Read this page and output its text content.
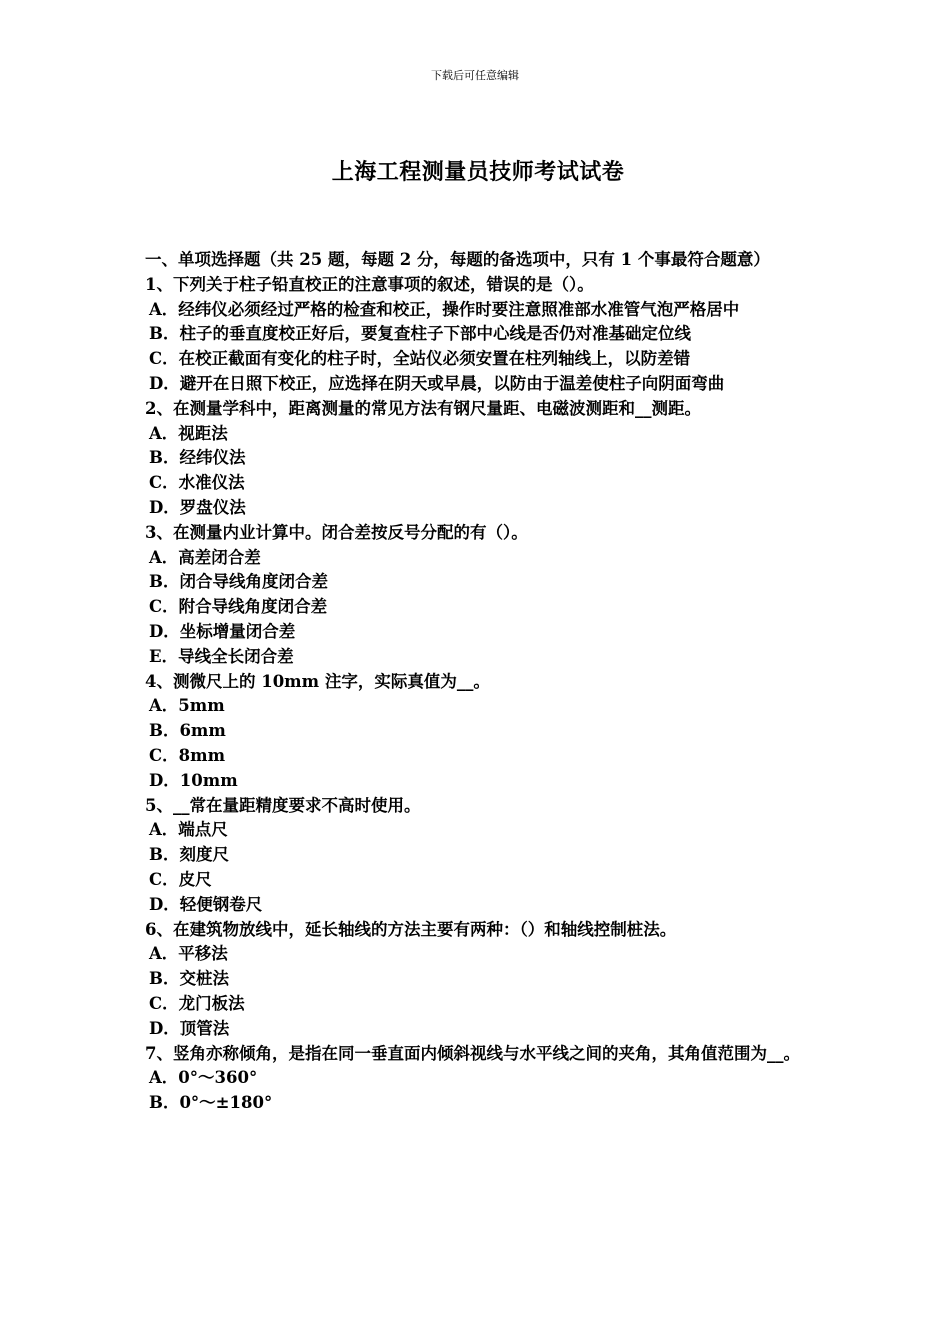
下载后可任意编辑
上海工程测量员技师考试试卷
一、单项选择题（共 25 题，每题 2 分，每题的备选项中，只有 1 个事最符合题意）
1、下列关于柱子铅直校正的注意事项的叙述，错误的是（）。
A．经纬仪必须经过严格的检查和校正，操作时要注意照准部水准管气泡严格居中
B．柱子的垂直度校正好后，要复查柱子下部中心线是否仍对准基础定位线
C．在校正截面有变化的柱子时，全站仪必须安置在柱列轴线上，以防差错
D．避开在日照下校正，应选择在阴天或早晨，以防由于温差使柱子向阴面弯曲
2、在测量学科中，距离测量的常见方法有钢尺量距、电磁波测距和__测距。
A．视距法
B．经纬仪法
C．水准仪法
D．罗盘仪法
3、在测量内业计算中。闭合差按反号分配的有（）。
A．高差闭合差
B．闭合导线角度闭合差
C．附合导线角度闭合差
D．坐标增量闭合差
E．导线全长闭合差
4、测微尺上的 10mm 注字，实际真值为__。
A．5mm
B．6mm
C．8mm
D．10mm
5、__常在量距精度要求不高时使用。
A．端点尺
B．刻度尺
C．皮尺
D．轻便钢卷尺
6、在建筑物放线中，延长轴线的方法主要有两种：（）和轴线控制桩法。
A．平移法
B．交桩法
C．龙门板法
D．顶管法
7、竖角亦称倾角，是指在同一垂直面内倾斜视线与水平线之间的夹角，其角值范围为__。
A．0°～360°
B．0°～±180°
